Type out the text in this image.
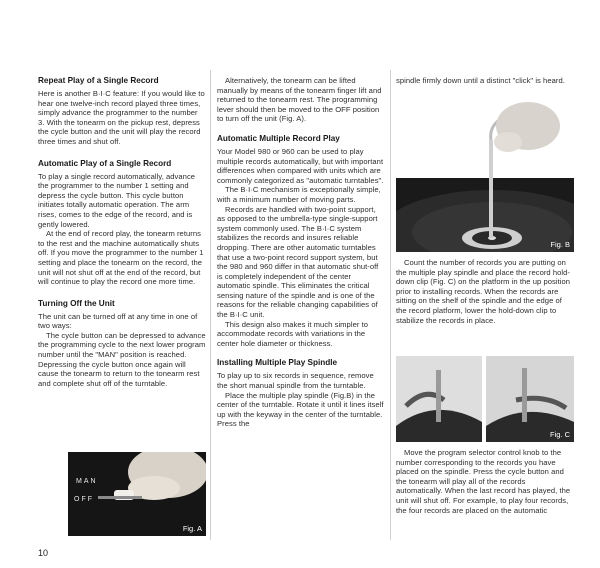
Repeat Play of a Single Record

Here is another B·I·C feature: If you would like to hear one twelve-inch record played three times, simply advance the programmer to the number 3. With the tonearm on the pickup rest, depress the cycle button and the unit will play the record three times and shut off.

Automatic Play of a Single Record

To play a single record automatically, advance the programmer to the number 1 setting and depress the cycle button. This cycle button initiates totally automatic operation. The arm rises, comes to the edge of the record, and is gently lowered.

At the end of record play, the tonearm returns to the rest and the machine automatically shuts off. If you move the programmer to the number 1 setting and place the tonearm on the record, the unit will not shut off at the end of the record, but will continue to play the record one more time.

Turning Off the Unit

The unit can be turned off at any time in one of two ways:

The cycle button can be depressed to advance the programming cycle to the next lower program number until the "MAN" position is reached. Depressing the cycle button once again will cause the tonearm to return to the tonearm rest and complete shut off of the turntable.

MAN
OFF
Fig. A

Alternatively, the tonearm can be lifted manually by means of the tonearm finger lift and returned to the tonearm rest. The programming lever should then be moved to the OFF position to turn off the unit (Fig. A).

Automatic Multiple Record Play

Your Model 980 or 960 can be used to play multiple records automatically, but with important differences when compared with units which are commonly categorized as "automatic turntables".

The B·I·C mechanism is exceptionally simple, with a minimum number of moving parts.

Records are handled with two-point support, as opposed to the umbrella-type single-support system commonly used. The B·I·C system stabilizes the records and insures reliable dropping. There are other automatic turntables that use a two-point record support system, but the 980 and 960 differ in that automatic shut-off is completely independent of the center automatic spindle. This eliminates the critical sensing nature of the spindle and is one of the reasons for the reliable changing capabilities of the B·I·C unit.

This design also makes it much simpler to accommodate records with variations in the center hole diameter or thickness.

Installing Multiple Play Spindle

To play up to six records in sequence, remove the short manual spindle from the turntable.

Place the multiple play spindle (Fig.B) in the center of the turntable. Rotate it until it lines itself up with the keyway in the center of the turntable. Press the

spindle firmly down until a distinct "click" is heard.

Fig. B

Count the number of records you are putting on the multiple play spindle and place the record hold-down clip (Fig. C) on the platform in the up position prior to installing records. When the records are sitting on the shelf of the spindle and the edge of the record platform, lower the hold-down clip to stabilize the records in place.

Fig. C

Move the program selector control knob to the number corresponding to the records you have placed on the spindle. Press the cycle button and the tonearm will play all of the records automatically. When the last record has played, the unit will shut off. For example, to play four records, the four records are placed on the automatic

10
